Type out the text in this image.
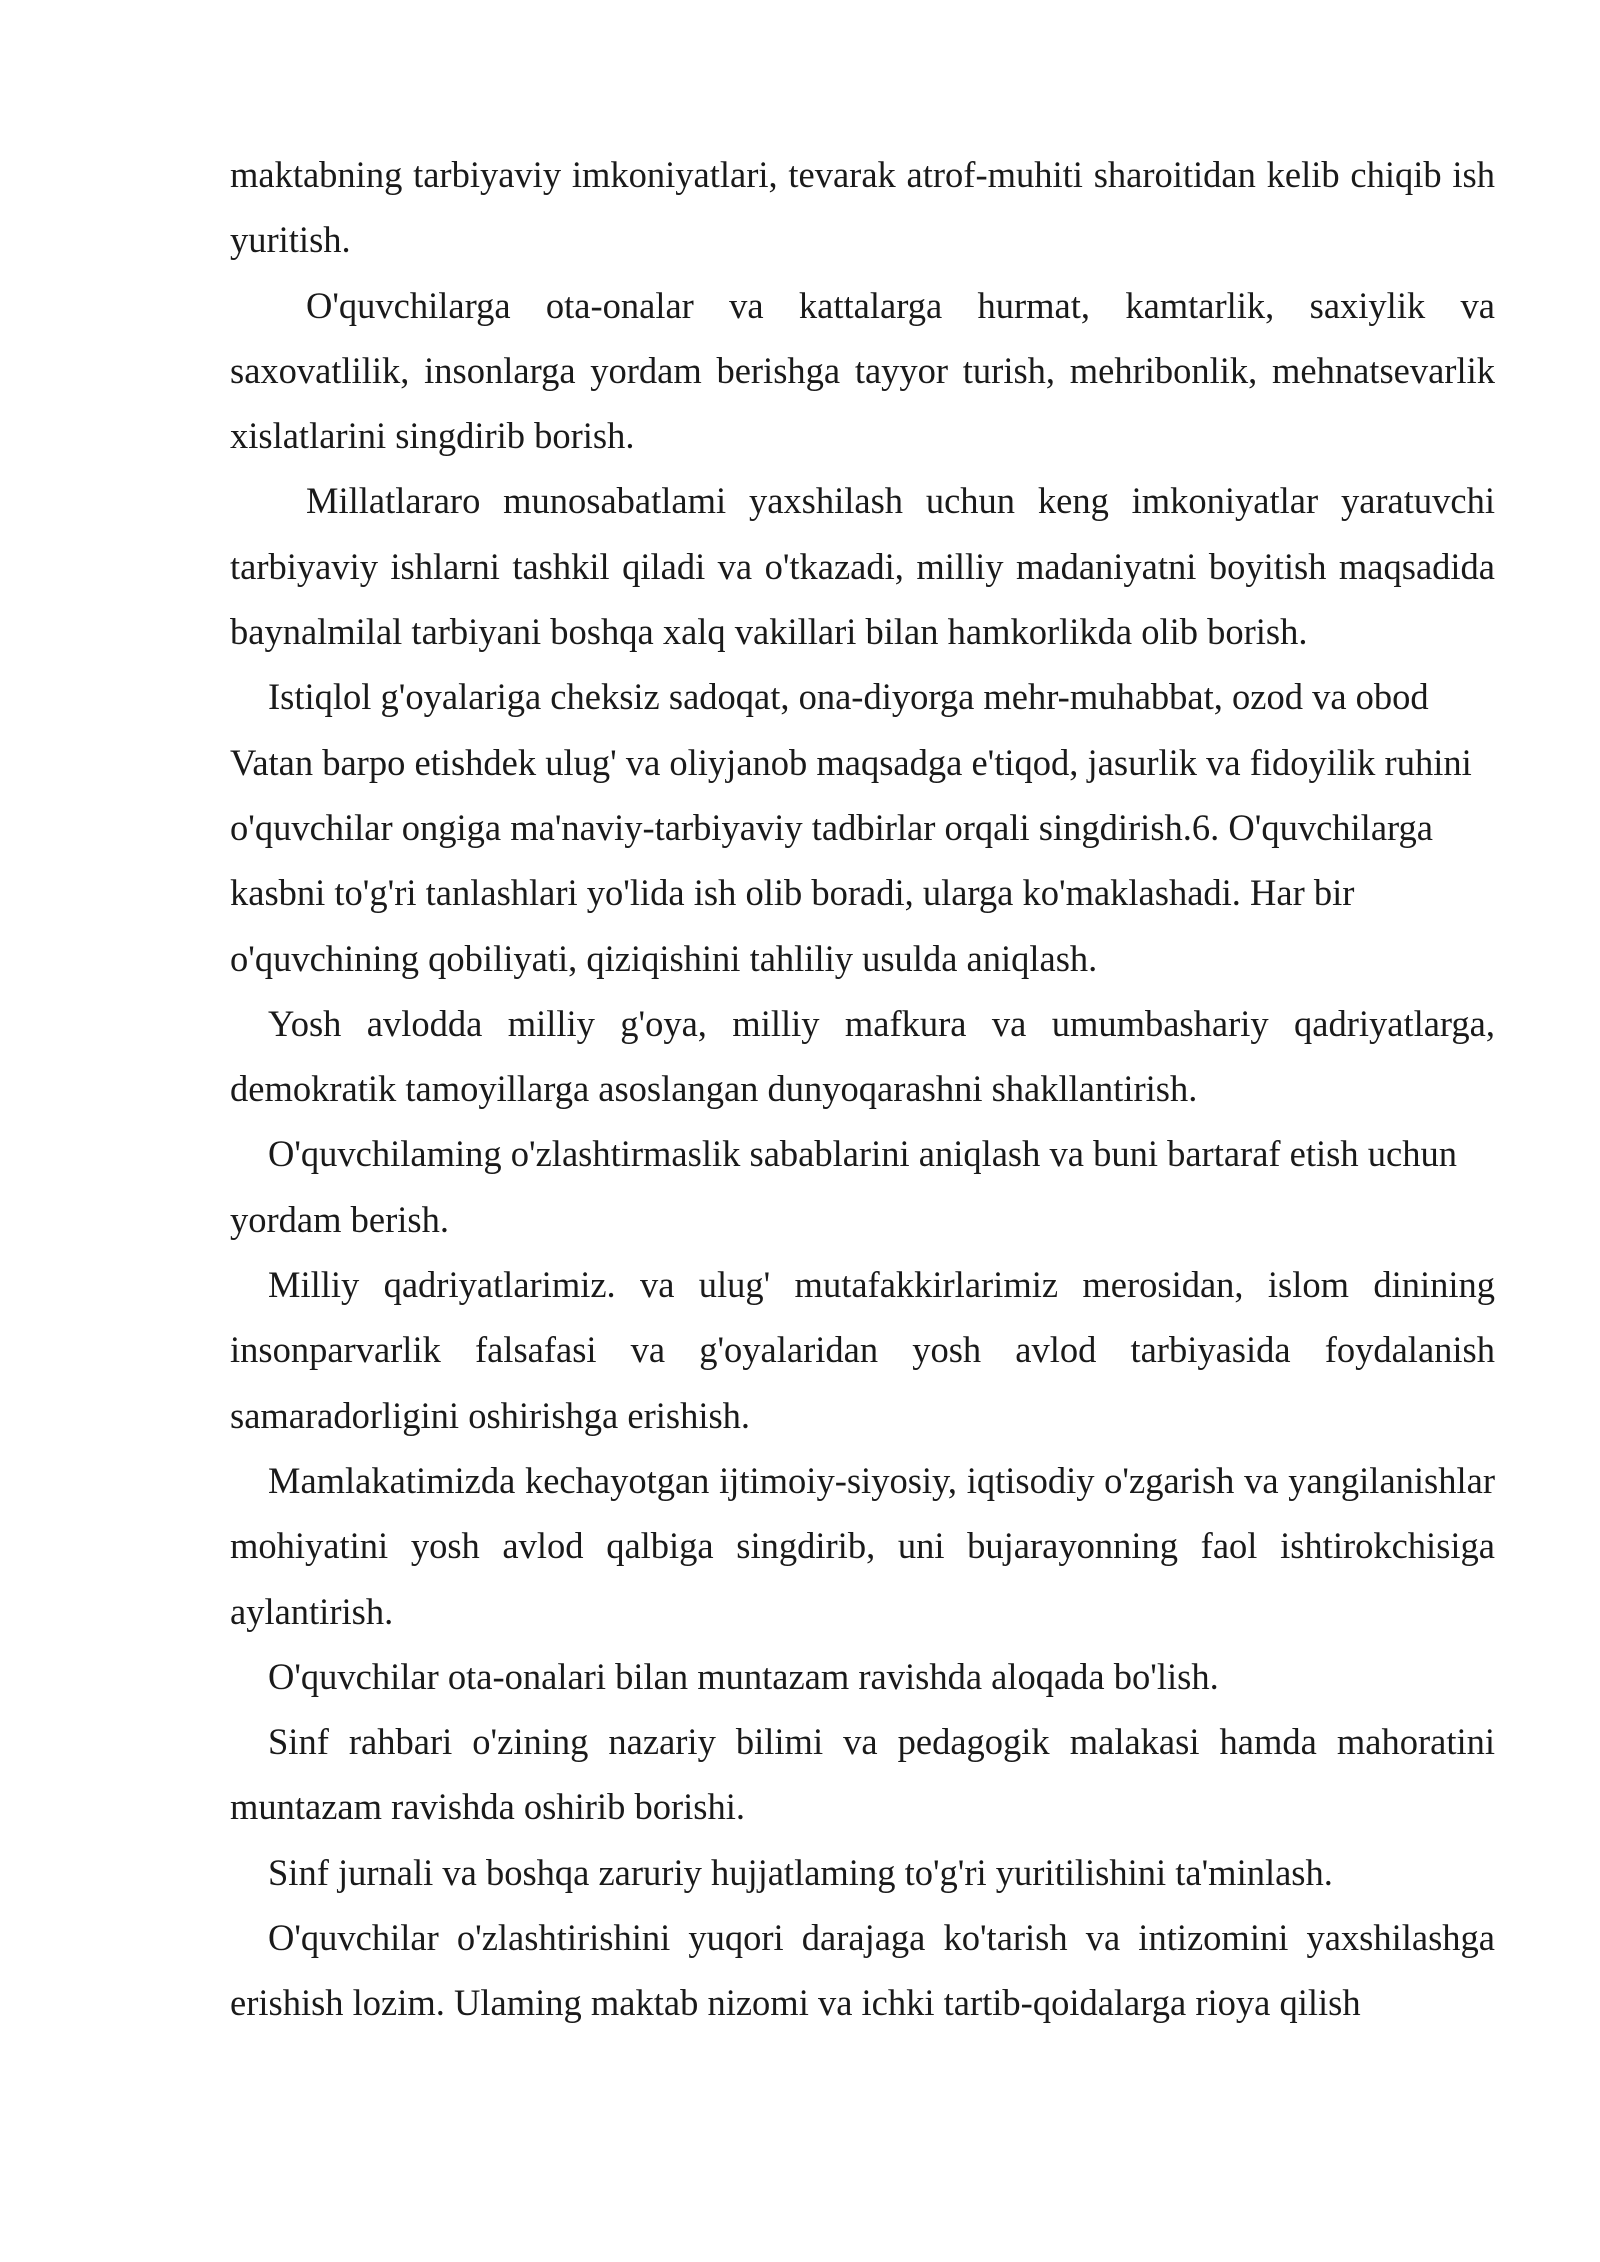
maktabning tarbiyaviy imkoniyatlari, tevarak atrof-muhiti sharoitidan kelib chiqib ish yuritish.

O'quvchilarga ota-onalar va kattalarga hurmat, kamtarlik, saxiylik va saxovatlilik, insonlarga yordam berishga tayyor turish, mehribonlik, mehnatsevarlik xislatlarini singdirib borish.

Millatlararo munosabatlami yaxshilash uchun keng imkoniyatlar yaratuvchi tarbiyaviy ishlarni tashkil qiladi va o'tkazadi, milliy madaniyatni boyitish maqsadida baynalmilal tarbiyani boshqa xalq vakillari bilan hamkorlikda olib borish.

Istiqlol g'oyalariga cheksiz sadoqat, ona-diyorga mehr-muhabbat, ozod va obod Vatan barpo etishdek ulug' va oliyjanob maqsadga e'tiqod, jasurlik va fidoyilik ruhini o'quvchilar ongiga ma'naviy-tarbiyaviy tadbirlar orqali singdirish.6. O'quvchilarga kasbni to'g'ri tanlashlari yo'lida ish olib boradi, ularga ko'maklashadi. Har bir o'quvchining qobiliyati, qiziqishini tahliliy usulda aniqlash.

Yosh avlodda milliy g'oya, milliy mafkura va umumbashariy qadriyatlarga, demokratik tamoyillarga asoslangan dunyoqarashni shakllantirish.

O'quvchilaming o'zlashtirmaslik sabablarini aniqlash va buni bartaraf etish uchun yordam berish.

Milliy qadriyatlarimiz. va ulug' mutafakkirlarimiz merosidan, islom dinining insonparvarlik falsafasi va g'oyalaridan yosh avlod tarbiyasida foydalanish samaradorligini oshirishga erishish.

Mamlakatimizda kechayotgan ijtimoiy-siyosiy, iqtisodiy o'zgarish va yangilanishlar mohiyatini yosh avlod qalbiga singdirib, uni bujarayonning faol ishtirokchisiga aylantirish.

O'quvchilar ota-onalari bilan muntazam ravishda aloqada bo'lish.

Sinf rahbari o'zining nazariy bilimi va pedagogik malakasi hamda mahoratini muntazam ravishda oshirib borishi.

Sinf jurnali va boshqa zaruriy hujjatlaming to'g'ri yuritilishini ta'minlash.

O'quvchilar o'zlashtirishini yuqori darajaga ko'tarish va intizomini yaxshilashga erishish lozim. Ulaming maktab nizomi va ichki tartib-qoidalarga rioya qilish
